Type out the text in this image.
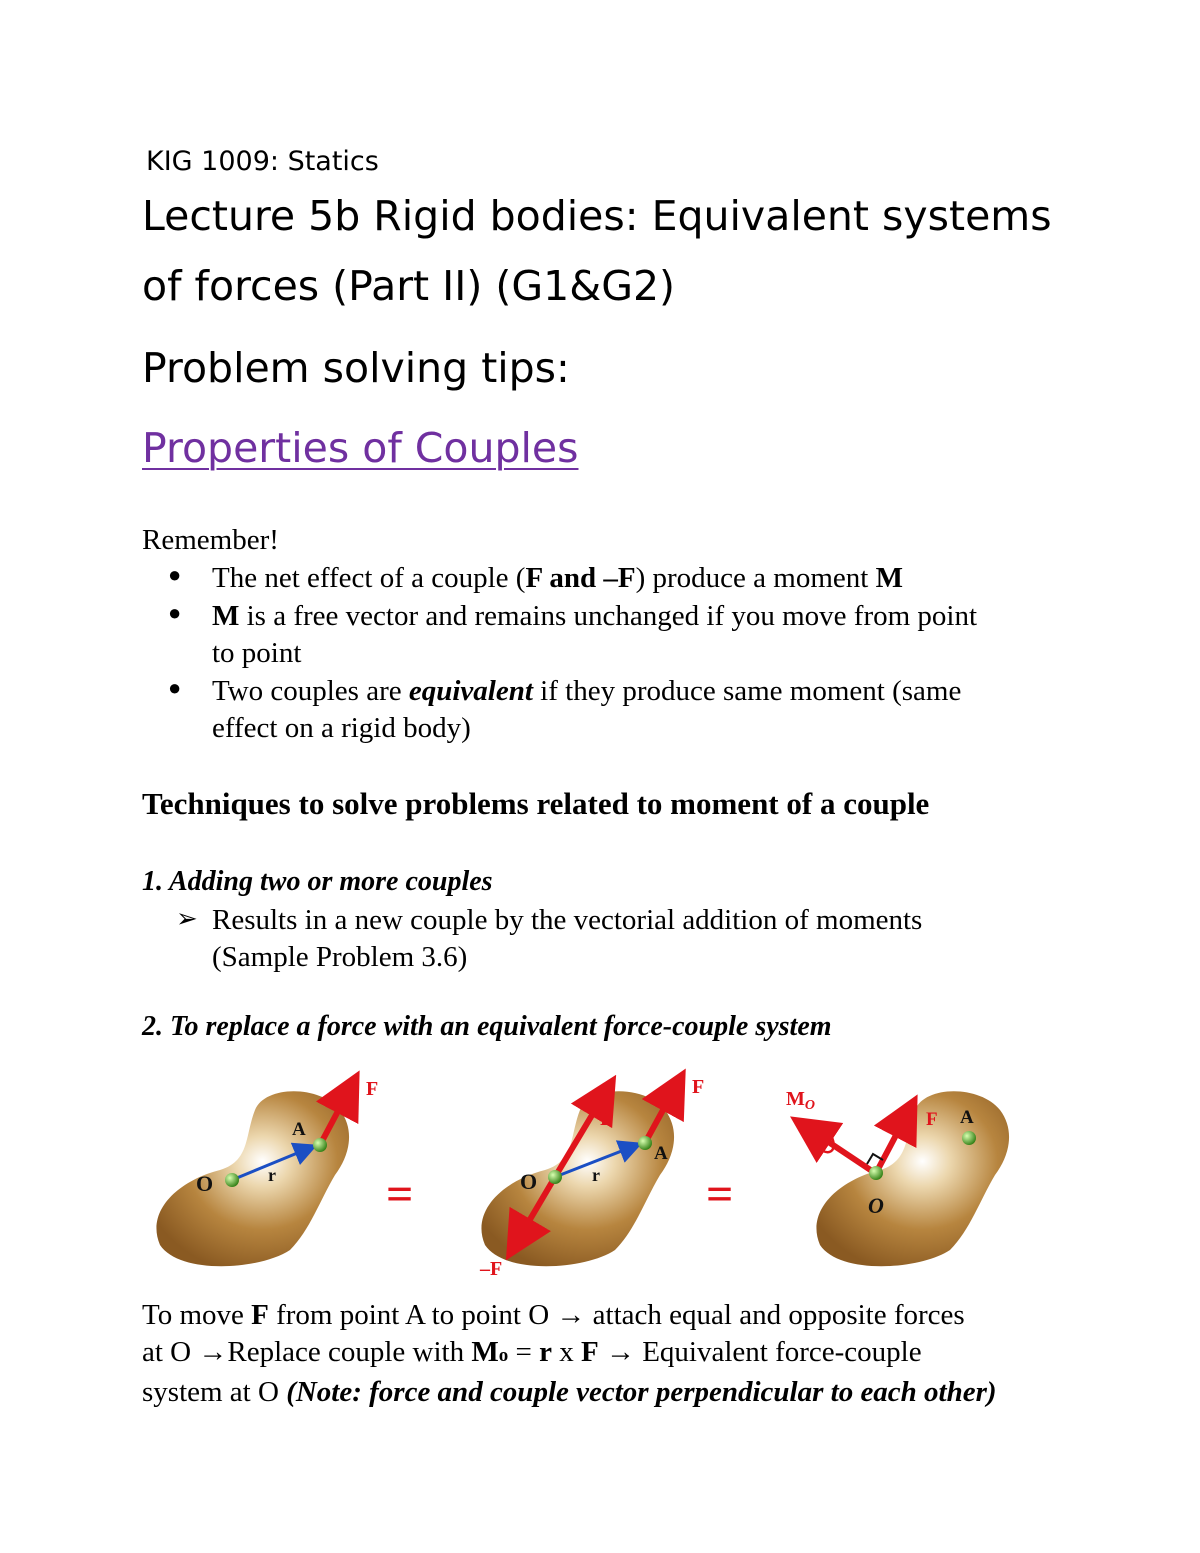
KIG 1009: Statics
Lecture 5b Rigid bodies: Equivalent systems
of forces (Part II) (G1&G2)
Problem solving tips:
Properties of Couples
Remember!
●	The net effect of a couple (F and –F) produce a moment M
●	M is a free vector and remains unchanged if you move from point
to point
●	Two couples are equivalent if they produce same moment (same
effect on a rigid body)
Techniques to solve problems related to moment of a couple
1. Adding two or more couples
➢ Results in a new couple by the vectorial addition of moments
(Sample Problem 3.6)
2. To replace a force with an equivalent force-couple system
O	r
A
F
=	O	r
A
F
F
–F
=	O
F A
$M_O$
To move F from point A to point O → attach equal and opposite forces
at O →Replace couple with Mo = r x F → Equivalent force-couple
system at O (Note: force and couple vector perpendicular to each other)
